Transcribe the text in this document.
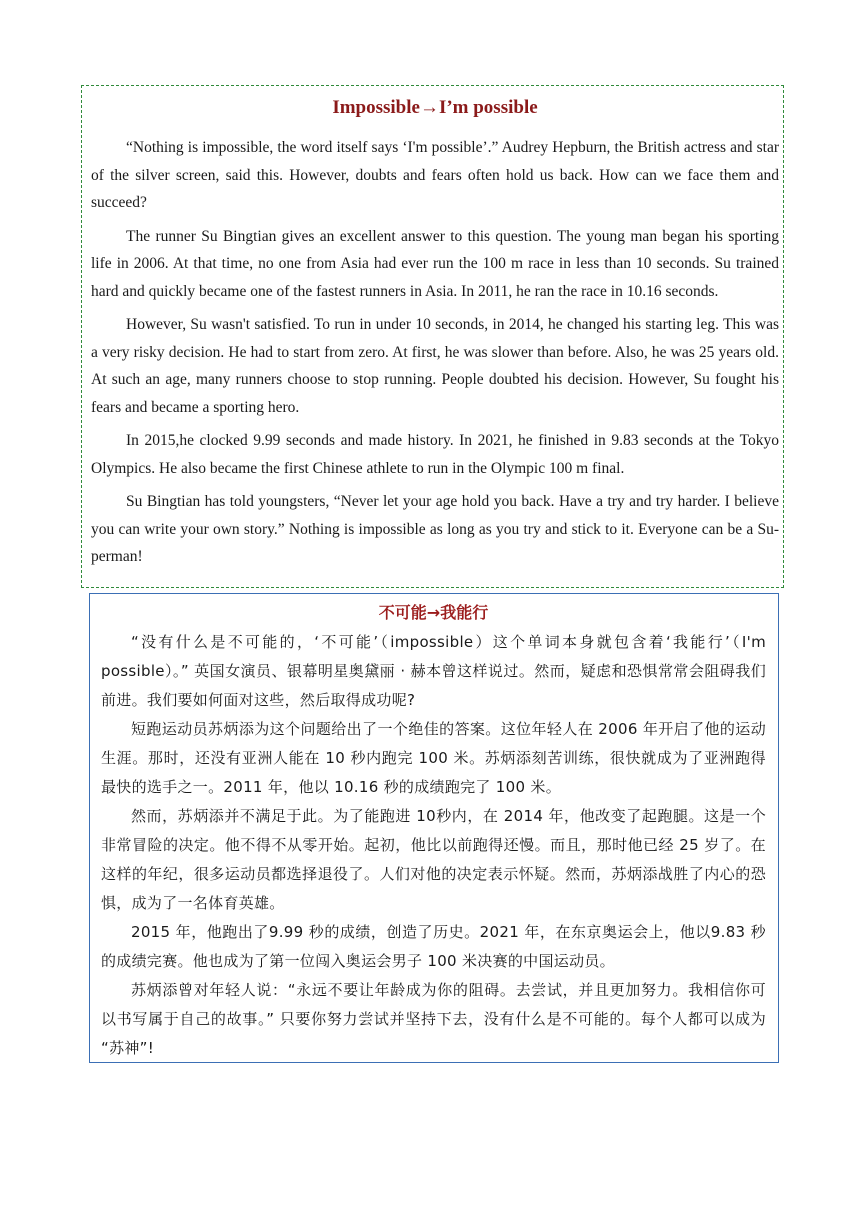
Impossible→I’m possible

“Nothing is impossible, the word itself says ‘I'm possible’.” Audrey Hepburn, the British actress and star of the silver screen, said this. However, doubts and fears often hold us back. How can we face them and succeed?

The runner Su Bingtian gives an excellent answer to this question. The young man began his sporting life in 2006. At that time, no one from Asia had ever run the 100 m race in less than 10 seconds. Su trained hard and quickly became one of the fastest runners in Asia. In 2011, he ran the race in 10.16 seconds.

However, Su wasn't satisfied. To run in under 10 seconds, in 2014, he changed his starting leg. This was a very risky decision. He had to start from zero. At first, he was slower than before. Also, he was 25 years old. At such an age, many runners choose to stop running. People doubted his decision. However, Su fought his fears and became a sporting hero.

In 2015,he clocked 9.99 seconds and made history. In 2021, he finished in 9.83 seconds at the Tokyo Olympics. He also became the first Chinese athlete to run in the Olympic 100 m final.

Su Bingtian has told youngsters, “Never let your age hold you back. Have a try and try harder. I believe you can write your own story.” Nothing is impossible as long as you try and stick to it. Everyone can be a Su-perman!

不可能→我能行

“没有什么是不可能的，‘不可能’（impossible）这个单词本身就包含着‘我能行’（I'm possible）。” 英国女演员、银幕明星奥黛丽 · 赫本曾这样说过。然而，疑虑和恐惧常常会阻碍我们前进。我们要如何面对这些，然后取得成功呢?

短跑运动员苏炳添为这个问题给出了一个绝佳的答案。这位年轻人在 2006 年开启了他的运动生涯。那时，还没有亚洲人能在 10 秒内跑完 100 米。苏炳添刻苦训练，很快就成为了亚洲跑得最快的选手之一。2011 年，他以 10.16 秒的成绩跑完了 100 米。

然而，苏炳添并不满足于此。为了能跑进 10秒内，在 2014 年，他改变了起跑腿。这是一个非常冒险的决定。他不得不从零开始。起初，他比以前跑得还慢。而且，那时他已经 25 岁了。在这样的年纪，很多运动员都选择退役了。人们对他的决定表示怀疑。然而，苏炳添战胜了内心的恐惧，成为了一名体育英雄。

2015 年，他跑出了9.99 秒的成绩，创造了历史。2021 年，在东京奥运会上，他以9.83 秒的成绩完赛。他也成为了第一位闯入奥运会男子 100 米决赛的中国运动员。

苏炳添曾对年轻人说：“永远不要让年龄成为你的阻碍。去尝试，并且更加努力。我相信你可以书写属于自己的故事。” 只要你努力尝试并坚持下去，没有什么是不可能的。每个人都可以成为 “苏神”!
